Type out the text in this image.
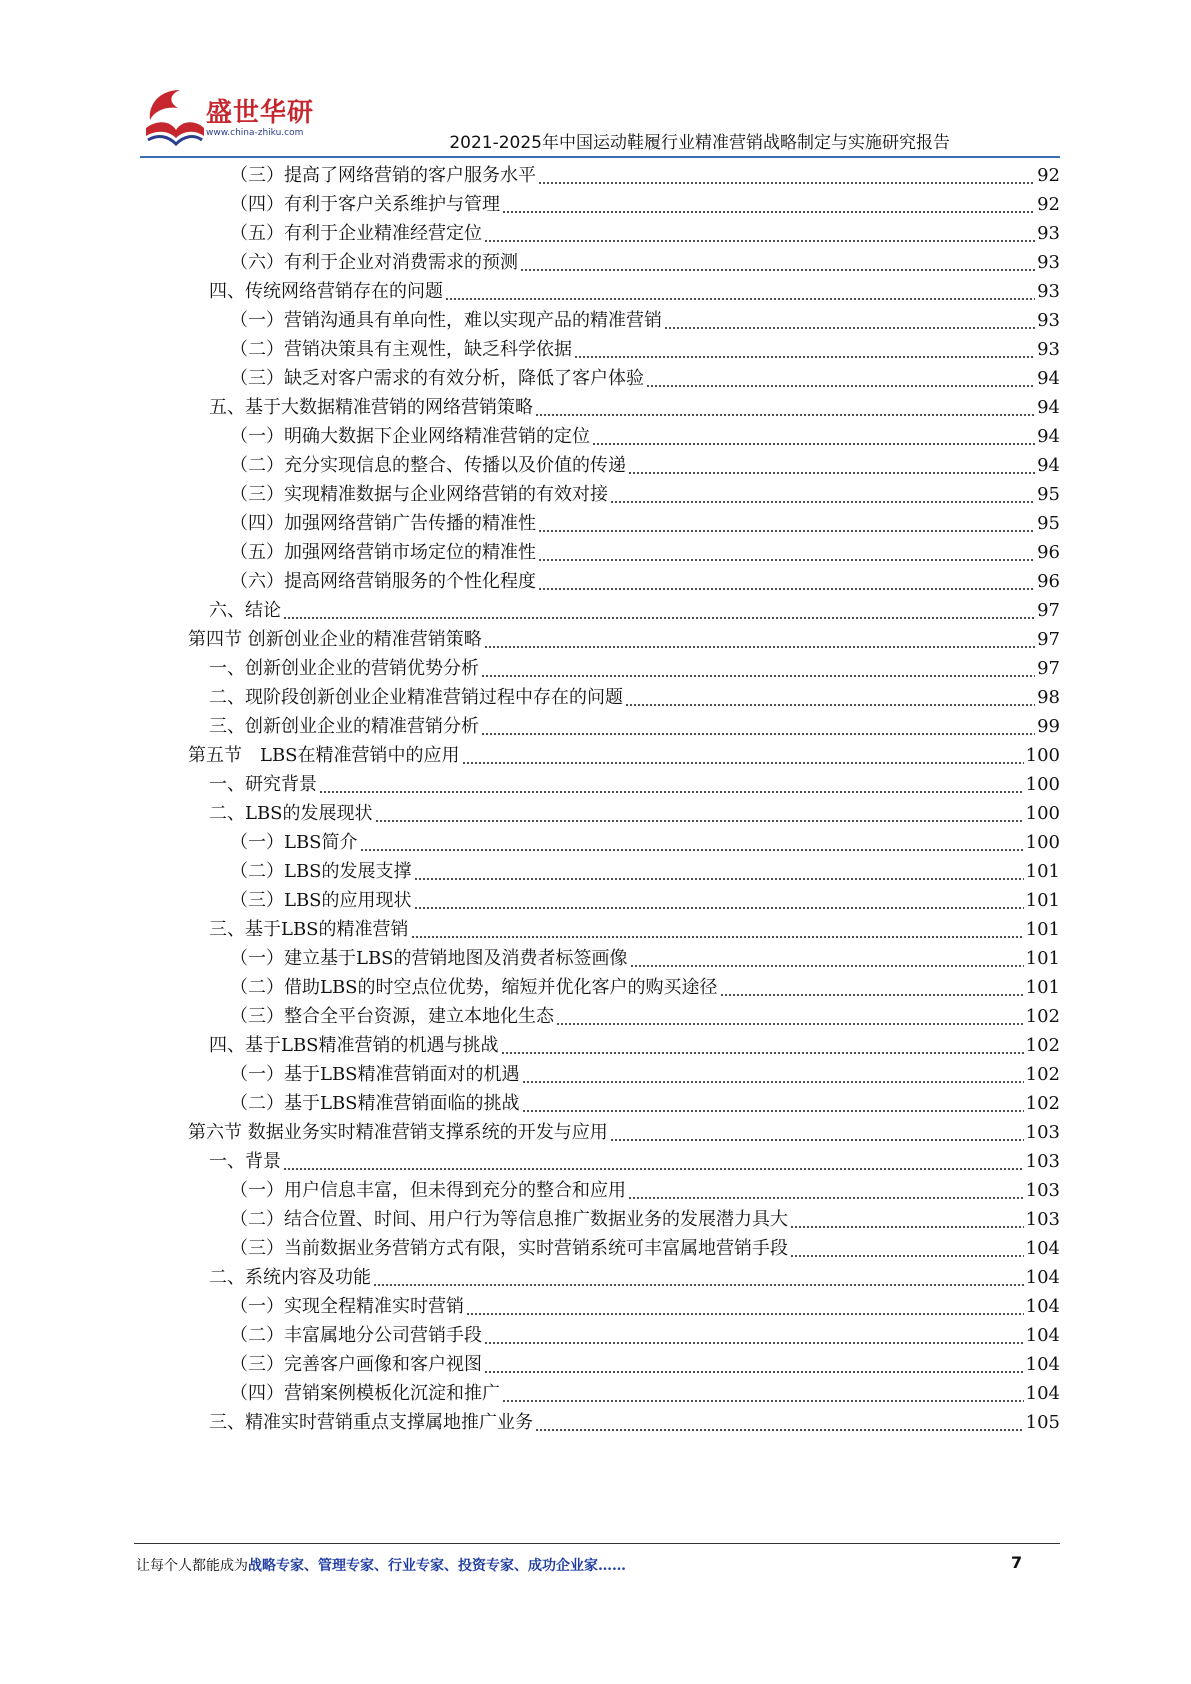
盛世华研
www.china-zhiku.com	2021-2025年中国运动鞋履行业精准营销战略制定与实施研究报告
（三）提高了网络营销的客户服务水平	92
（四）有利于客户关系维护与管理	92
（五）有利于企业精准经营定位	93
（六）有利于企业对消费需求的预测	93
四、传统网络营销存在的问题	93
（一）营销沟通具有单向性，难以实现产品的精准营销	93
（二）营销决策具有主观性，缺乏科学依据	93
（三）缺乏对客户需求的有效分析，降低了客户体验	94
五、基于大数据精准营销的网络营销策略	94
（一）明确大数据下企业网络精准营销的定位	94
（二）充分实现信息的整合、传播以及价值的传递	94
（三）实现精准数据与企业网络营销的有效对接	95
（四）加强网络营销广告传播的精准性	95
（五）加强网络营销市场定位的精准性	96
（六）提高网络营销服务的个性化程度	96
六、结论	97
第四节 创新创业企业的精准营销策略	97
一、创新创业企业的营销优势分析	97
二、现阶段创新创业企业精准营销过程中存在的问题	98
三、创新创业企业的精准营销分析	99
第五节　LBS在精准营销中的应用	100
一、研究背景	100
二、LBS的发展现状	100
（一）LBS简介	100
（二）LBS的发展支撑	101
（三）LBS的应用现状	101
三、基于LBS的精准营销	101
（一）建立基于LBS的营销地图及消费者标签画像	101
（二）借助LBS的时空点位优势，缩短并优化客户的购买途径	101
（三）整合全平台资源，建立本地化生态	102
四、基于LBS精准营销的机遇与挑战	102
（一）基于LBS精准营销面对的机遇	102
（二）基于LBS精准营销面临的挑战	102
第六节 数据业务实时精准营销支撑系统的开发与应用	103
一、背景	103
（一）用户信息丰富，但未得到充分的整合和应用	103
（二）结合位置、时间、用户行为等信息推广数据业务的发展潜力具大	103
（三）当前数据业务营销方式有限，实时营销系统可丰富属地营销手段	104
二、系统内容及功能	104
（一）实现全程精准实时营销	104
（二）丰富属地分公司营销手段	104
（三）完善客户画像和客户视图	104
（四）营销案例模板化沉淀和推广	104
三、精准实时营销重点支撑属地推广业务	105
让每个人都能成为战略专家、管理专家、行业专家、投资专家、成功企业家……	7
